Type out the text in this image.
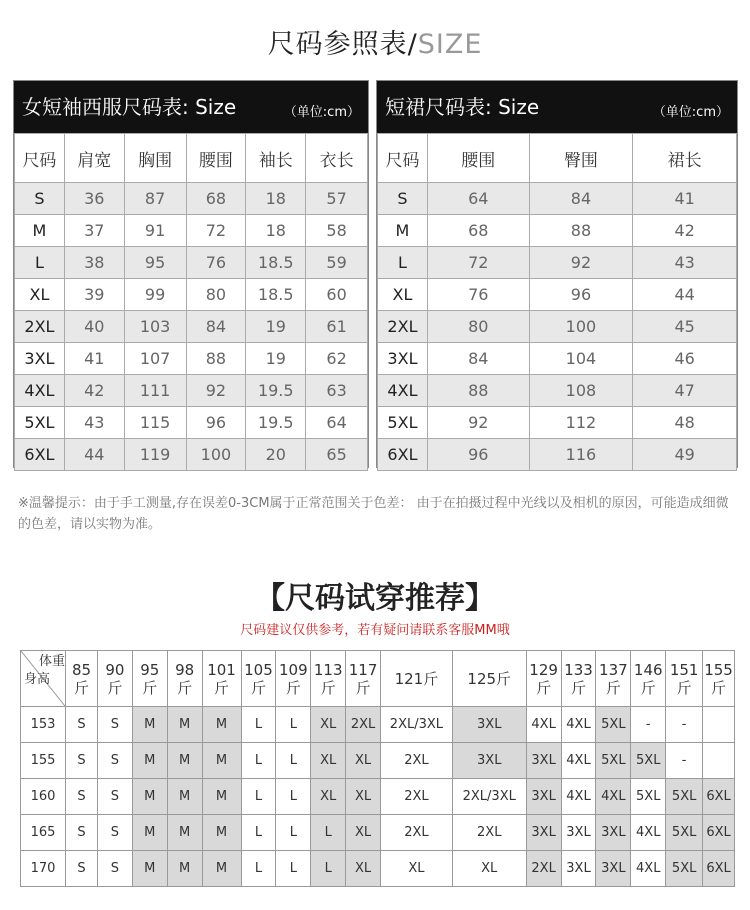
尺码参照表/SIZE
女短袖西服尺码表: Size	（单位:cm）
尺码	肩宽	胸围	腰围	袖长	衣长
S	36	87	68	18	57
M	37	91	72	18	58
L	38	95	76	18.5	59
XL	39	99	80	18.5	60
2XL	40	103	84	19	61
3XL	41	107	88	19	62
4XL	42	111	92	19.5	63
5XL	43	115	96	19.5	64
6XL	44	119	100	20	65
短裙尺码表: Size	（单位:cm）
尺码	腰围	臀围	裙长
S	64	84	41
M	68	88	42
L	72	92	43
XL	76	96	44
2XL	80	100	45
3XL	84	104	46
4XL	88	108	47
5XL	92	112	48
6XL	96	116	49
※温馨提示：由于手工测量,存在误差0-3CM属于正常范围关于色差： 由于在拍摄过程中光线以及相机的原因，可能造成细微的色差，请以实物为准。
【尺码试穿推荐】
尺码建议仅供参考，若有疑问请联系客服MM哦
体重
身高	85斤	90斤	95斤	98斤	101斤	105斤	109斤	113斤	117斤	121斤	125斤	129斤	133斤	137斤	146斤	151斤	155斤
153	S	S	M	M	M	L	L	XL	2XL	2XL/3XL	3XL	4XL	4XL	5XL	-	-	
155	S	S	M	M	M	L	L	XL	XL	2XL	3XL	3XL	4XL	5XL	5XL	-	
160	S	S	M	M	M	L	L	XL	XL	2XL	2XL/3XL	3XL	4XL	4XL	5XL	5XL	6XL
165	S	S	M	M	M	L	L	L	XL	2XL	2XL	3XL	3XL	3XL	4XL	5XL	6XL
170	S	S	M	M	M	L	L	L	XL	XL	XL	2XL	3XL	3XL	4XL	5XL	6XL
